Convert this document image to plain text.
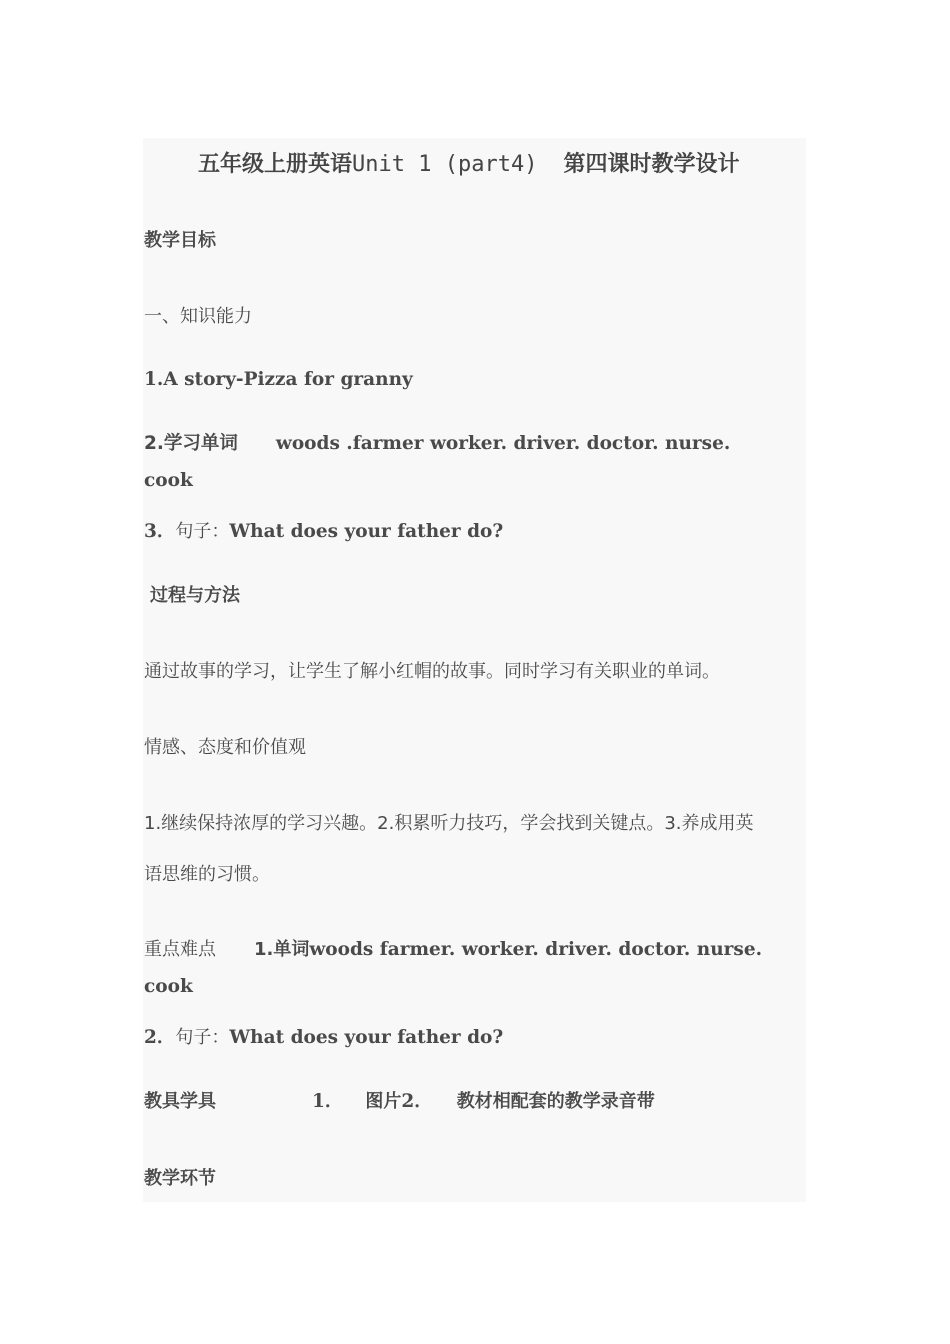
五年级上册英语Unit 1 (part4) 第四课时教学设计
教学目标
一、知识能力
1.A story-Pizza for granny
2.学习单词 woods .farmer worker. driver. doctor. nurse.
cook
3．句子：What does your father do?
过程与方法
通过故事的学习，让学生了解小红帽的故事。同时学习有关职业的单词。
情感、态度和价值观
1.继续保持浓厚的学习兴趣。2.积累听力技巧，学会找到关键点。3.养成用英
语思维的习惯。
重点难点 1.单词woods farmer. worker. driver. doctor. nurse.
cook
2．句子：What does your father do?
教具学具	1． 图片2． 教材相配套的教学录音带
教学环节
